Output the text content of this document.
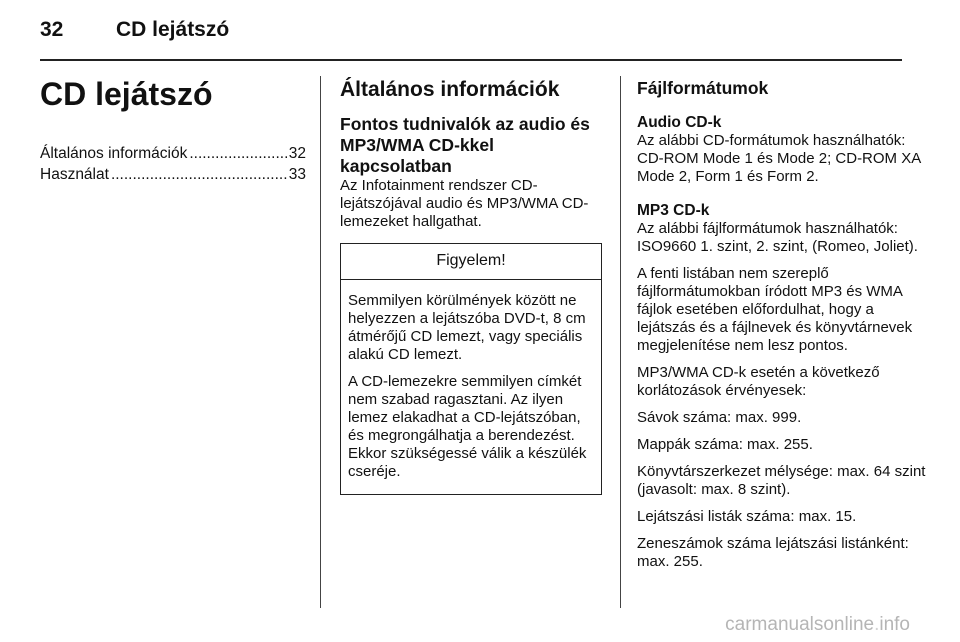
32	CD lejátszó
CD lejátszó
Általános információk .....	32
Használat .....	33
Általános információk
Fontos tudnivalók az audio és MP3/WMA CD-kkel kapcsolatban

Az Infotainment rendszer CD-lejátszójával audio és MP3/WMA CD-lemezeket hallgathat.

Figyelem!

Semmilyen körülmények között ne helyezzen a lejátszóba DVD-t, 8 cm átmérőjű CD lemezt, vagy speciális alakú CD lemezt.

A CD-lemezekre semmilyen címkét nem szabad ragasztani. Az ilyen lemez elakadhat a CD-lejátszóban, és megrongálhatja a berendezést. Ekkor szükségessé válik a készülék cseréje.

Fájlformátumok
Audio CD-k

Az alábbi CD-formátumok használhatók: CD-ROM Mode 1 és Mode 2; CD-ROM XA Mode 2, Form 1 és Form 2.

MP3 CD-k

Az alábbi fájlformátumok használhatók: ISO9660 1. szint, 2. szint, (Romeo, Joliet).

A fenti listában nem szereplő fájlformátumokban íródott MP3 és WMA fájlok esetében előfordulhat, hogy a lejátszás és a fájlnevek és könyvtárnevek megjelenítése nem lesz pontos.

MP3/WMA CD-k esetén a következő korlátozások érvényesek:

Sávok száma: max. 999.

Mappák száma: max. 255.

Könyvtárszerkezet mélysége: max. 64 szint (javasolt: max. 8 szint).

Lejátszási listák száma: max. 15.

Zeneszámok száma lejátszási listánként: max. 255.

carmanualsonline.info
